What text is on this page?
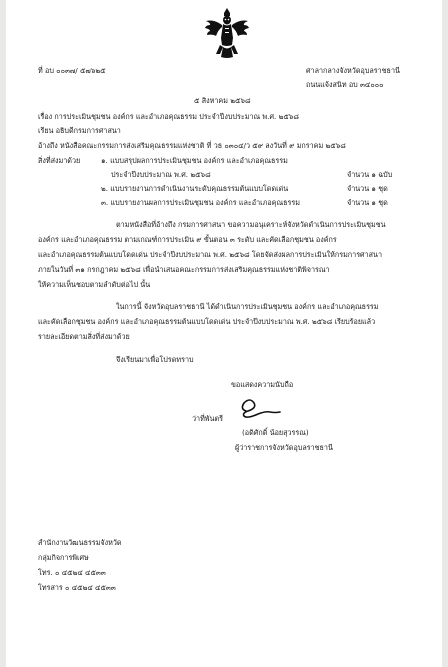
ที่ อบ ๐๐๓๗/ ๕๗๖๒๕	ศาลากลางจังหวัดอุบลราชธานี
ถนนแจ้งสนิท อบ ๓๔๐๐๐
๕ สิงหาคม ๒๕๖๘
เรื่อง การประเมินชุมชน องค์กร และอำเภอคุณธรรม ประจำปีงบประมาณ พ.ศ. ๒๕๖๘
เรียน อธิบดีกรมการศาสนา
อ้างถึง หนังสือคณะกรรมการส่งเสริมคุณธรรมแห่งชาติ ที่ วธ ๐๓๐๔/ว ๕๙ ลงวันที่ ๙ มกราคม ๒๕๖๘
สิ่งที่ส่งมาด้วย	๑. แบบสรุปผลการประเมินชุมชน องค์กร และอำเภอคุณธรรม
ประจำปีงบประมาณ พ.ศ. ๒๕๖๘	จำนวน ๑ ฉบับ
๒. แบบรายงานการดำเนินงานระดับคุณธรรมต้นแบบโดดเด่น	จำนวน ๑ ชุด
๓. แบบรายงานผลการประเมินชุมชน องค์กร และอำเภอคุณธรรม	จำนวน ๑ ชุด
ตามหนังสือที่อ้างถึง กรมการศาสนา ขอความอนุเคราะห์จังหวัดดำเนินการประเมินชุมชน
องค์กร และอำเภอคุณธรรม ตามเกณฑ์การประเมิน ๙ ขั้นตอน ๓ ระดับ และคัดเลือกชุมชน องค์กร
และอำเภอคุณธรรมต้นแบบโดดเด่น ประจำปีงบประมาณ พ.ศ. ๒๕๖๘ โดยจัดส่งผลการประเมินให้กรมการศาสนา
ภายในวันที่ ๓๑ กรกฎาคม ๒๕๖๘ เพื่อนำเสนอคณะกรรมการส่งเสริมคุณธรรมแห่งชาติพิจารณา
ให้ความเห็นชอบตามลำดับต่อไป นั้น
ในการนี้ จังหวัดอุบลราชธานี ได้ดำเนินการประเมินชุมชน องค์กร และอำเภอคุณธรรม
และคัดเลือกชุมชน องค์กร และอำเภอคุณธรรมต้นแบบโดดเด่น ประจำปีงบประมาณ พ.ศ. ๒๕๖๘ เรียบร้อยแล้ว
รายละเอียดตามสิ่งที่ส่งมาด้วย
จึงเรียนมาเพื่อโปรดทราบ
ขอแสดงความนับถือ
ว่าที่พันตรี
(อดิศักดิ์ น้อยสุวรรณ)
ผู้ว่าราชการจังหวัดอุบลราชธานี
สำนักงานวัฒนธรรมจังหวัด
กลุ่มกิจการพิเศษ
โทร. ๐ ๔๕๒๔ ๔๕๓๓
โทรสาร ๐ ๔๕๒๔ ๔๕๓๓
